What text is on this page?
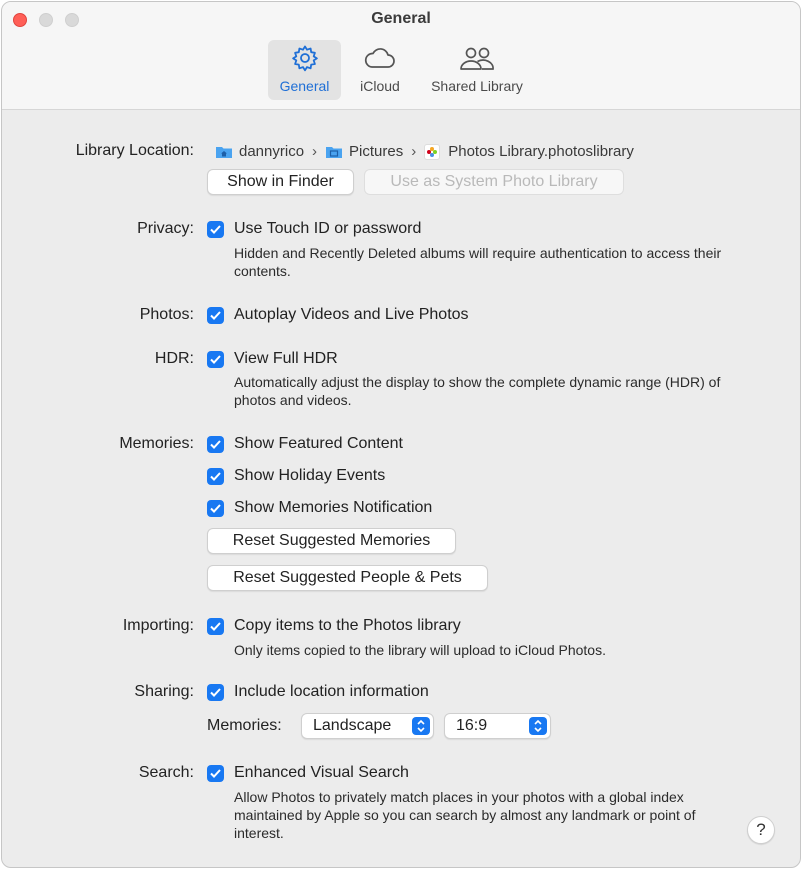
General
General iCloud Shared Library
Library Location:	dannyrico › Pictures › Photos Library.photoslibrary
Show in Finder	Use as System Photo Library
Privacy:	Use Touch ID or password
Hidden and Recently Deleted albums will require authentication to access their contents.
Photos:	Autoplay Videos and Live Photos
HDR:	View Full HDR
Automatically adjust the display to show the complete dynamic range (HDR) of photos and videos.
Memories:	Show Featured Content
Show Holiday Events
Show Memories Notification
Reset Suggested Memories
Reset Suggested People & Pets
Importing:	Copy items to the Photos library
Only items copied to the library will upload to iCloud Photos.
Sharing:	Include location information
Memories: Landscape	16:9
Search:	Enhanced Visual Search
Allow Photos to privately match places in your photos with a global index maintained by Apple so you can search by almost any landmark or point of interest.	?
